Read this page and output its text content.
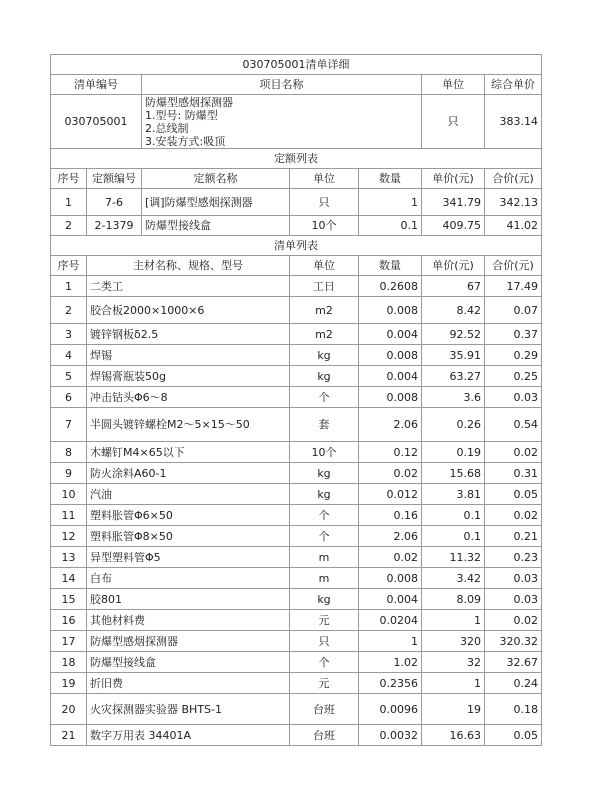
030705001清单详细						
清单编号		项目名称			单位	综合单价
030705001		防爆型感烟探测器
1.型号: 防爆型
2.总线制
3.安装方式:吸顶			只	383.14
定额列表						
序号	定额编号	定额名称	单位	数量	单价(元)	合价(元)
1	7-6	[调]防爆型感烟探测器	只	1	341.79	342.13
2	2-1379	防爆型接线盒	10个	0.1	409.75	41.02
清单列表						
序号	主材名称、规格、型号		单位	数量	单价(元)	合价(元)
1	二类工		工日	0.2608	67	17.49
2	胶合板2000×1000×6		m2	0.008	8.42	0.07
3	镀锌钢板δ2.5		m2	0.004	92.52	0.37
4	焊锡		kg	0.008	35.91	0.29
5	焊锡膏瓶装50g		kg	0.004	63.27	0.25
6	冲击钻头Φ6～8		个	0.008	3.6	0.03
7	半圆头镀锌螺栓M2～5×15～50		套	2.06	0.26	0.54
8	木螺钉M4×65以下		10个	0.12	0.19	0.02
9	防火涂料A60-1		kg	0.02	15.68	0.31
10	汽油		kg	0.012	3.81	0.05
11	塑料胀管Φ6×50		个	0.16	0.1	0.02
12	塑料胀管Φ8×50		个	2.06	0.1	0.21
13	异型塑料管Φ5		m	0.02	11.32	0.23
14	白布		m	0.008	3.42	0.03
15	胶801		kg	0.004	8.09	0.03
16	其他材料费		元	0.0204	1	0.02
17	防爆型感烟探测器		只	1	320	320.32
18	防爆型接线盒		个	1.02	32	32.67
19	折旧费		元	0.2356	1	0.24
20	火灾探测器实验器 BHTS-1		台班	0.0096	19	0.18
21	数字万用表 34401A		台班	0.0032	16.63	0.05
